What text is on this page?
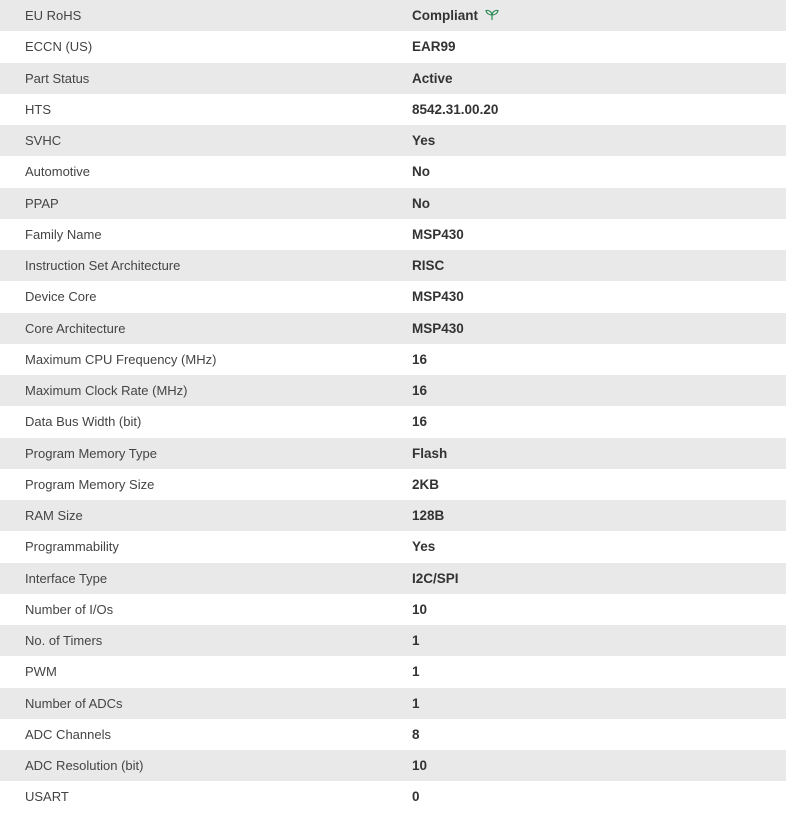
EU RoHS	Compliant

ECCN (US)	EAR99
Part Status	Active
HTS	8542.31.00.20
SVHC	Yes
Automotive	No
PPAP	No
Family Name	MSP430
Instruction Set Architecture	RISC
Device Core	MSP430
Core Architecture	MSP430
Maximum CPU Frequency (MHz)	16
Maximum Clock Rate (MHz)	16
Data Bus Width (bit)	16
Program Memory Type	Flash
Program Memory Size	2KB
RAM Size	128B
Programmability	Yes
Interface Type	I2C/SPI
Number of I/Os	10
No. of Timers	1
PWM	1
Number of ADCs	1
ADC Channels	8
ADC Resolution (bit)	10
USART	0
